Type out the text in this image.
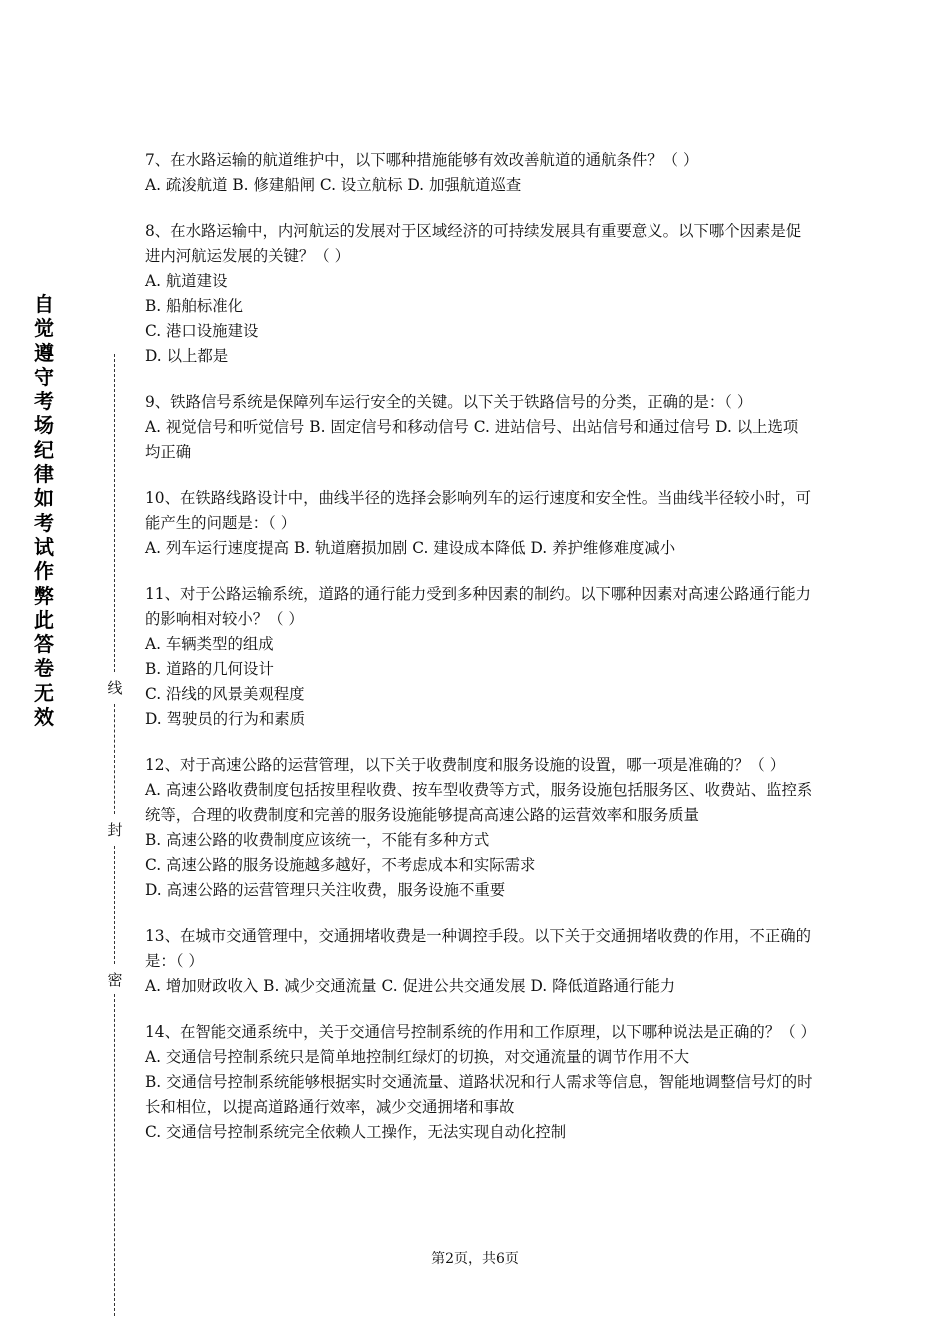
自
觉
遵
守
考
场
纪
律
如
考
试
作
弊
此
答
卷
无
效
线
封
密

7、在水路运输的航道维护中，以下哪种措施能够有效改善航道的通航条件？（ ）

A. 疏浚航道 B. 修建船闸 C. 设立航标 D. 加强航道巡查

8、在水路运输中，内河航运的发展对于区域经济的可持续发展具有重要意义。以下哪个因素是促进内河航运发展的关键？（ ）

A. 航道建设

B. 船舶标准化

C. 港口设施建设

D. 以上都是

9、铁路信号系统是保障列车运行安全的关键。以下关于铁路信号的分类，正确的是：（ ）

A. 视觉信号和听觉信号 B. 固定信号和移动信号 C. 进站信号、出站信号和通过信号 D. 以上选项均正确

10、在铁路线路设计中，曲线半径的选择会影响列车的运行速度和安全性。当曲线半径较小时，可能产生的问题是：（ ）

A. 列车运行速度提高 B. 轨道磨损加剧 C. 建设成本降低 D. 养护维修难度减小

11、对于公路运输系统，道路的通行能力受到多种因素的制约。以下哪种因素对高速公路通行能力的影响相对较小？（ ）

A. 车辆类型的组成

B. 道路的几何设计

C. 沿线的风景美观程度

D. 驾驶员的行为和素质

12、对于高速公路的运营管理，以下关于收费制度和服务设施的设置，哪一项是准确的？（ ）

A. 高速公路收费制度包括按里程收费、按车型收费等方式，服务设施包括服务区、收费站、监控系统等，合理的收费制度和完善的服务设施能够提高高速公路的运营效率和服务质量

B. 高速公路的收费制度应该统一，不能有多种方式

C. 高速公路的服务设施越多越好，不考虑成本和实际需求

D. 高速公路的运营管理只关注收费，服务设施不重要

13、在城市交通管理中，交通拥堵收费是一种调控手段。以下关于交通拥堵收费的作用，不正确的是：（ ）

A. 增加财政收入 B. 减少交通流量 C. 促进公共交通发展 D. 降低道路通行能力

14、在智能交通系统中，关于交通信号控制系统的作用和工作原理，以下哪种说法是正确的？（ ）

A. 交通信号控制系统只是简单地控制红绿灯的切换，对交通流量的调节作用不大

B. 交通信号控制系统能够根据实时交通流量、道路状况和行人需求等信息，智能地调整信号灯的时长和相位，以提高道路通行效率，减少交通拥堵和事故

C. 交通信号控制系统完全依赖人工操作，无法实现自动化控制

第2页，共6页
